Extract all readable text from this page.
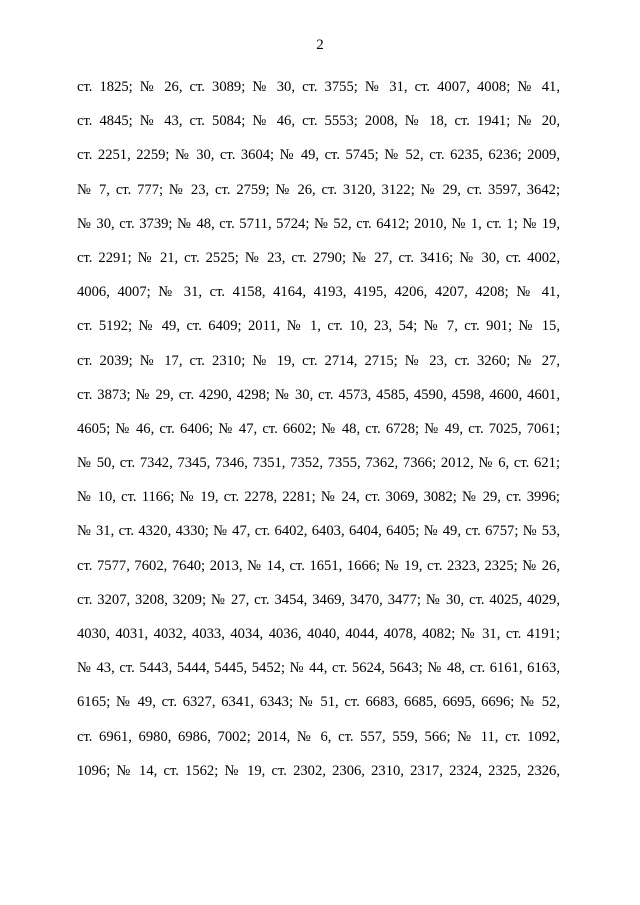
2
ст. 1825; № 26, ст. 3089; № 30, ст. 3755; № 31, ст. 4007, 4008; № 41,
ст. 4845; № 43, ст. 5084; № 46, ст. 5553; 2008, № 18, ст. 1941; № 20,
ст. 2251, 2259; № 30, ст. 3604; № 49, ст. 5745; № 52, ст. 6235, 6236; 2009,
№ 7, ст. 777; № 23, ст. 2759; № 26, ст. 3120, 3122; № 29, ст. 3597, 3642;
№ 30, ст. 3739; № 48, ст. 5711, 5724; № 52, ст. 6412; 2010, № 1, ст. 1; № 19,
ст. 2291; № 21, ст. 2525; № 23, ст. 2790; № 27, ст. 3416; № 30, ст. 4002,
4006, 4007; № 31, ст. 4158, 4164, 4193, 4195, 4206, 4207, 4208; № 41,
ст. 5192; № 49, ст. 6409; 2011, № 1, ст. 10, 23, 54; № 7, ст. 901; № 15,
ст. 2039; № 17, ст. 2310; № 19, ст. 2714, 2715; № 23, ст. 3260; № 27,
ст. 3873; № 29, ст. 4290, 4298; № 30, ст. 4573, 4585, 4590, 4598, 4600, 4601,
4605; № 46, ст. 6406; № 47, ст. 6602; № 48, ст. 6728; № 49, ст. 7025, 7061;
№ 50, ст. 7342, 7345, 7346, 7351, 7352, 7355, 7362, 7366; 2012, № 6, ст. 621;
№ 10, ст. 1166; № 19, ст. 2278, 2281; № 24, ст. 3069, 3082; № 29, ст. 3996;
№ 31, ст. 4320, 4330; № 47, ст. 6402, 6403, 6404, 6405; № 49, ст. 6757; № 53,
ст. 7577, 7602, 7640; 2013, № 14, ст. 1651, 1666; № 19, ст. 2323, 2325; № 26,
ст. 3207, 3208, 3209; № 27, ст. 3454, 3469, 3470, 3477; № 30, ст. 4025, 4029,
4030, 4031, 4032, 4033, 4034, 4036, 4040, 4044, 4078, 4082; № 31, ст. 4191;
№ 43, ст. 5443, 5444, 5445, 5452; № 44, ст. 5624, 5643; № 48, ст. 6161, 6163,
6165; № 49, ст. 6327, 6341, 6343; № 51, ст. 6683, 6685, 6695, 6696; № 52,
ст. 6961, 6980, 6986, 7002; 2014, № 6, ст. 557, 559, 566; № 11, ст. 1092,
1096; № 14, ст. 1562; № 19, ст. 2302, 2306, 2310, 2317, 2324, 2325, 2326,
